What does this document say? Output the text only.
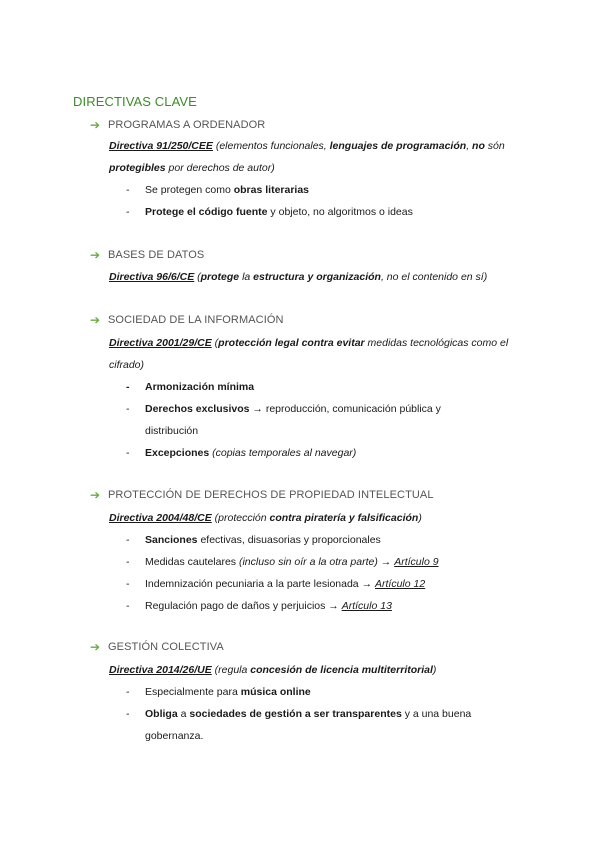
DIRECTIVAS CLAVE
➔ PROGRAMAS A ORDENADOR
Directiva 91/250/CEE (elementos funcionales, lenguajes de programación, no són
protegibles por derechos de autor)
- Se protegen como obras literarias
- Protege el código fuente y objeto, no algoritmos o ideas
➔ BASES DE DATOS
Directiva 96/6/CE (protege la estructura y organización, no el contenido en sí)
➔ SOCIEDAD DE LA INFORMACIÓN
Directiva 2001/29/CE (protección legal contra evitar medidas tecnológicas como el
cifrado)
- Armonización mínima
- Derechos exclusivos → reproducción, comunicación pública y
distribución
- Excepciones (copias temporales al navegar)
➔ PROTECCIÓN DE DERECHOS DE PROPIEDAD INTELECTUAL
Directiva 2004/48/CE (protección contra piratería y falsificación)
- Sanciones efectivas, disuasorias y proporcionales
- Medidas cautelares (incluso sin oír a la otra parte) → Artículo 9
- Indemnización pecuniaria a la parte lesionada → Artículo 12
- Regulación pago de daños y perjuicios → Artículo 13
➔ GESTIÓN COLECTIVA
Directiva 2014/26/UE (regula concesión de licencia multiterritorial)
- Especialmente para música online
- Obliga a sociedades de gestión a ser transparentes y a una buena
gobernanza.
